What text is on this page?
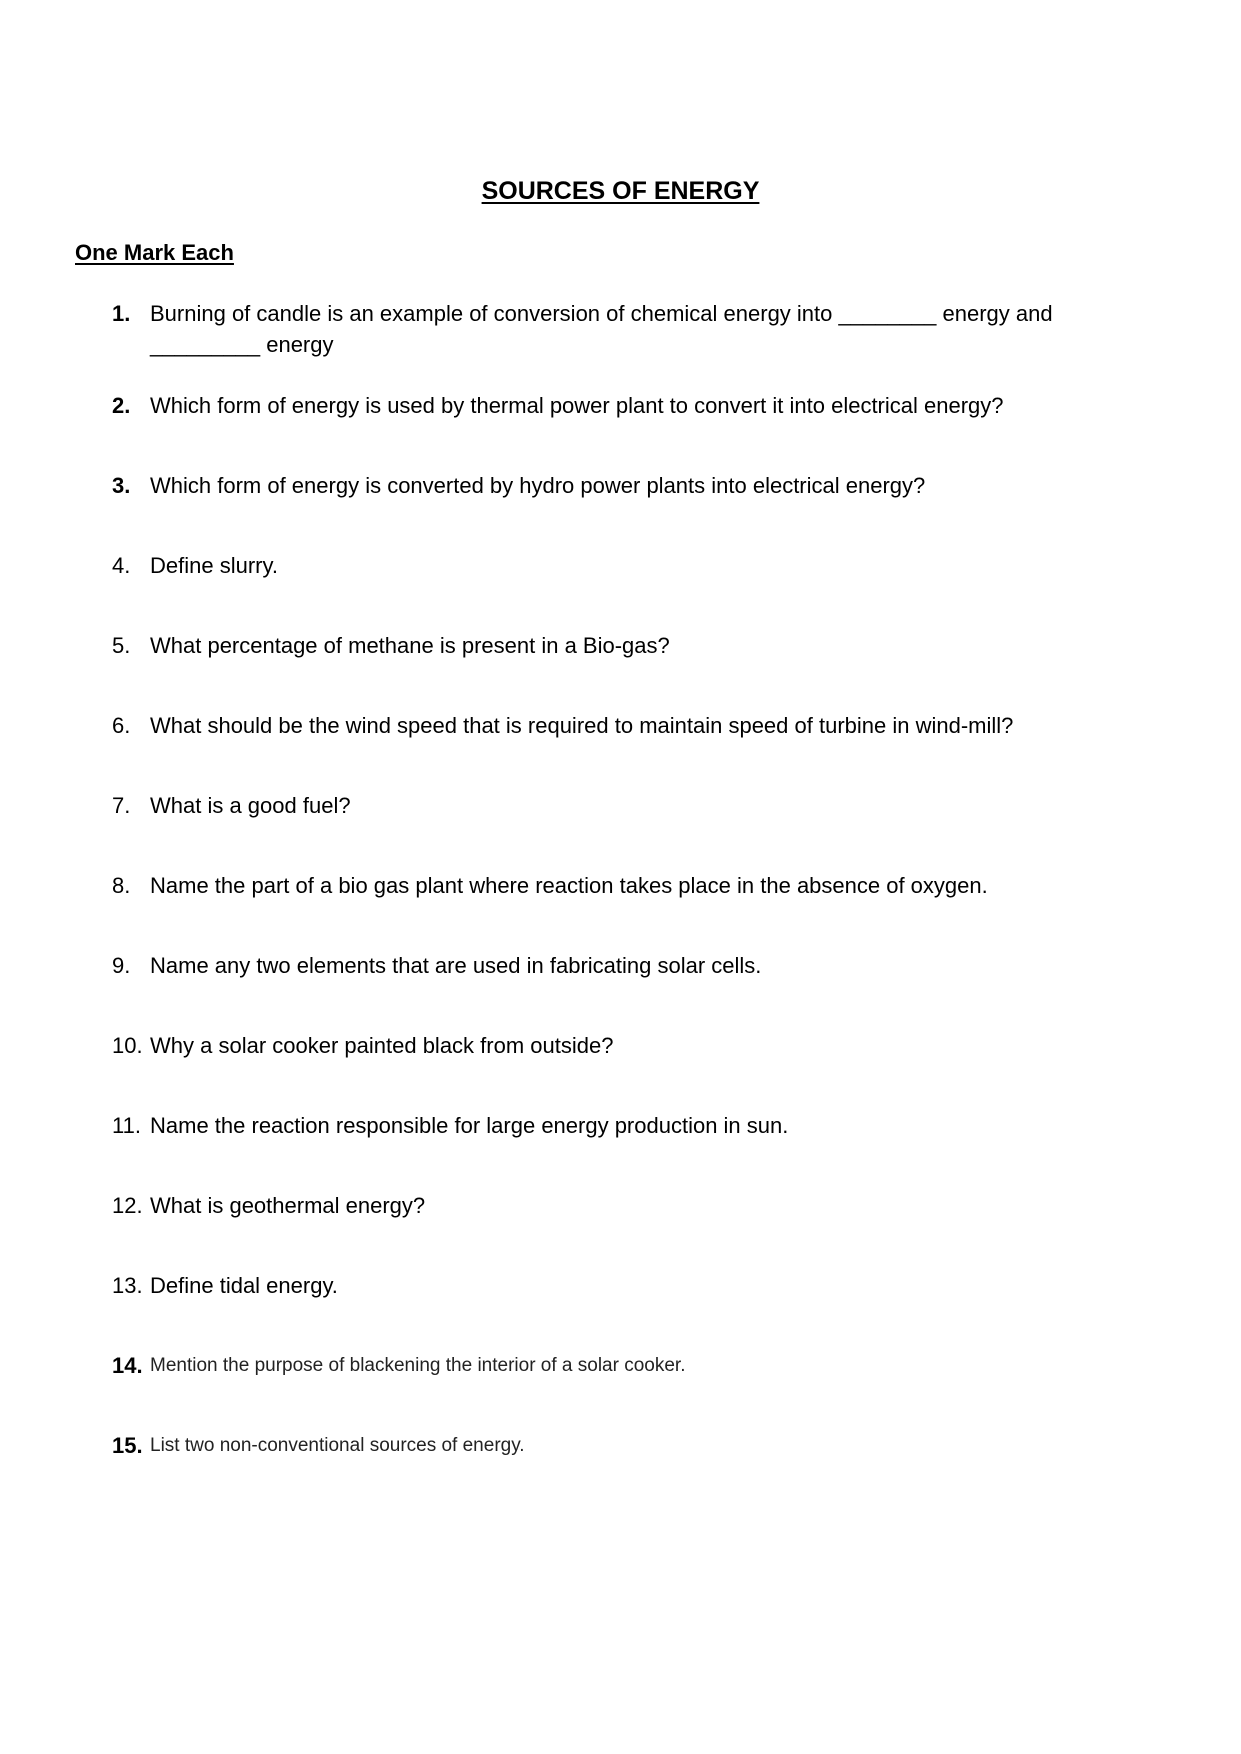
SOURCES OF ENERGY
One Mark Each
1. Burning of candle is an example of conversion of chemical energy into ________ energy and _________ energy
2. Which form of energy is used by thermal power plant to convert it into electrical energy?
3. Which form of energy is converted by hydro power plants into electrical energy?
4. Define slurry.
5. What percentage of methane is present in a Bio-gas?
6. What should be the wind speed that is required to maintain speed of turbine in wind-mill?
7. What is a good fuel?
8. Name the part of a bio gas plant where reaction takes place in the absence of oxygen.
9. Name any two elements that are used in fabricating solar cells.
10. Why a solar cooker painted black from outside?
11. Name the reaction responsible for large energy production in sun.
12. What is geothermal energy?
13. Define tidal energy.
14. Mention the purpose of blackening the interior of a solar cooker.
15. List two non-conventional sources of energy.
